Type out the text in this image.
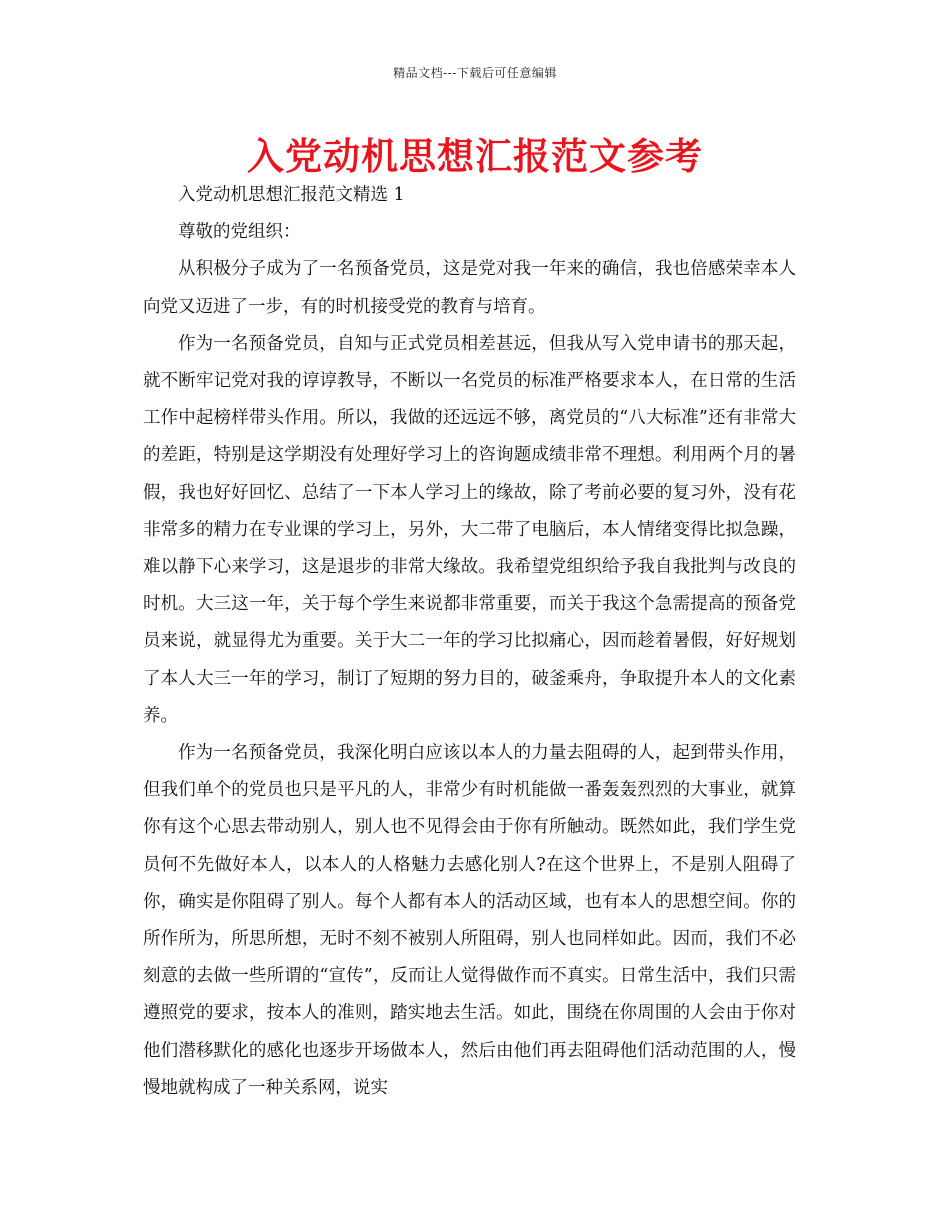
精品文档---下载后可任意编辑
入党动机思想汇报范文参考

入党动机思想汇报范文精选 1

尊敬的党组织：

从积极分子成为了一名预备党员，这是党对我一年来的确信，我也倍感荣幸本人向党又迈进了一步，有的时机接受党的教育与培育。

作为一名预备党员，自知与正式党员相差甚远，但我从写入党申请书的那天起，就不断牢记党对我的谆谆教导，不断以一名党员的标准严格要求本人，在日常的生活工作中起榜样带头作用。所以，我做的还远远不够，离党员的“八大标准”还有非常大的差距，特别是这学期没有处理好学习上的咨询题成绩非常不理想。利用两个月的暑假，我也好好回忆、总结了一下本人学习上的缘故，除了考前必要的复习外，没有花非常多的精力在专业课的学习上，另外，大二带了电脑后，本人情绪变得比拟急躁，难以静下心来学习，这是退步的非常大缘故。我希望党组织给予我自我批判与改良的时机。大三这一年，关于每个学生来说都非常重要，而关于我这个急需提高的预备党员来说，就显得尤为重要。关于大二一年的学习比拟痛心，因而趁着暑假，好好规划了本人大三一年的学习，制订了短期的努力目的，破釜乘舟，争取提升本人的文化素养。

作为一名预备党员，我深化明白应该以本人的力量去阻碍的人，起到带头作用，但我们单个的党员也只是平凡的人，非常少有时机能做一番轰轰烈烈的大事业，就算你有这个心思去带动别人，别人也不见得会由于你有所触动。既然如此，我们学生党员何不先做好本人，以本人的人格魅力去感化别人?在这个世界上，不是别人阻碍了你，确实是你阻碍了别人。每个人都有本人的活动区域，也有本人的思想空间。你的所作所为，所思所想，无时不刻不被别人所阻碍，别人也同样如此。因而，我们不必刻意的去做一些所谓的“宣传”，反而让人觉得做作而不真实。日常生活中，我们只需遵照党的要求，按本人的准则，踏实地去生活。如此，围绕在你周围的人会由于你对他们潜移默化的感化也逐步开场做本人，然后由他们再去阻碍他们活动范围的人，慢慢地就构成了一种关系网，说实
